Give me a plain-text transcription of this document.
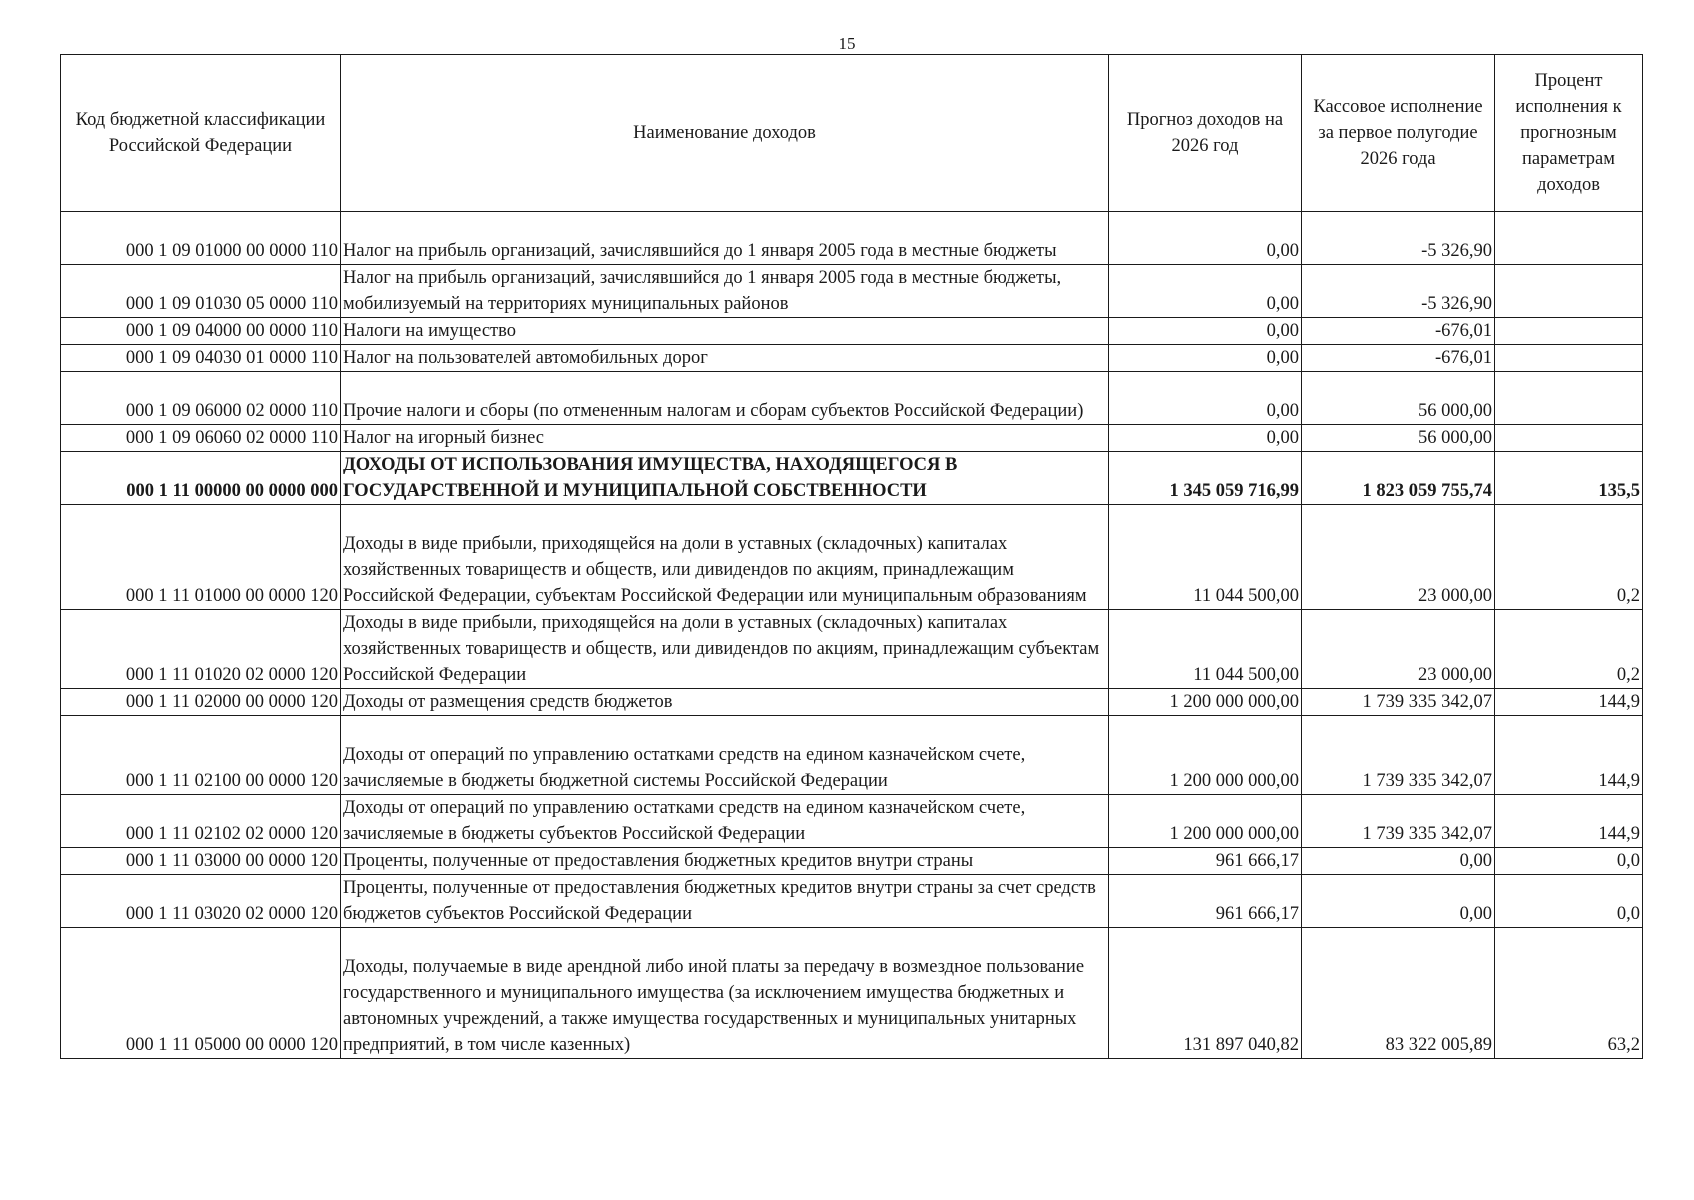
15
Код бюджетной классификации Российской Федерации	Наименование доходов	Прогноз доходов на 2026 год	Кассовое исполнение за первое полугодие 2026 года	Процент исполнения к прогнозным параметрам доходов
000 1 09 01000 00 0000 110	Налог на прибыль организаций, зачислявшийся до 1 января 2005 года в местные бюджеты	0,00	-5 326,90	
000 1 09 01030 05 0000 110	Налог на прибыль организаций, зачислявшийся до 1 января 2005 года в местные бюджеты, мобилизуемый на территориях муниципальных районов	0,00	-5 326,90	
000 1 09 04000 00 0000 110	Налоги на имущество	0,00	-676,01	
000 1 09 04030 01 0000 110	Налог на пользователей автомобильных дорог	0,00	-676,01	
000 1 09 06000 02 0000 110	Прочие налоги и сборы (по отмененным налогам и сборам субъектов Российской Федерации)	0,00	56 000,00	
000 1 09 06060 02 0000 110	Налог на игорный бизнес	0,00	56 000,00	
000 1 11 00000 00 0000 000	ДОХОДЫ ОТ ИСПОЛЬЗОВАНИЯ ИМУЩЕСТВА, НАХОДЯЩЕГОСЯ В ГОСУДАРСТВЕННОЙ И МУНИЦИПАЛЬНОЙ СОБСТВЕННОСТИ	1 345 059 716,99	1 823 059 755,74	135,5
000 1 11 01000 00 0000 120	Доходы в виде прибыли, приходящейся на доли в уставных (складочных) капиталах хозяйственных товариществ и обществ, или дивидендов по акциям, принадлежащим Российской Федерации, субъектам Российской Федерации или муниципальным образованиям	11 044 500,00	23 000,00	0,2
000 1 11 01020 02 0000 120	Доходы в виде прибыли, приходящейся на доли в уставных (складочных) капиталах хозяйственных товариществ и обществ, или дивидендов по акциям, принадлежащим субъектам Российской Федерации	11 044 500,00	23 000,00	0,2
000 1 11 02000 00 0000 120	Доходы от размещения средств бюджетов	1 200 000 000,00	1 739 335 342,07	144,9
000 1 11 02100 00 0000 120	Доходы от операций по управлению остатками средств на едином казначейском счете, зачисляемые в бюджеты бюджетной системы Российской Федерации	1 200 000 000,00	1 739 335 342,07	144,9
000 1 11 02102 02 0000 120	Доходы от операций по управлению остатками средств на едином казначейском счете, зачисляемые в бюджеты субъектов Российской Федерации	1 200 000 000,00	1 739 335 342,07	144,9
000 1 11 03000 00 0000 120	Проценты, полученные от предоставления бюджетных кредитов внутри страны	961 666,17	0,00	0,0
000 1 11 03020 02 0000 120	Проценты, полученные от предоставления бюджетных кредитов внутри страны за счет средств бюджетов субъектов Российской Федерации	961 666,17	0,00	0,0
000 1 11 05000 00 0000 120	Доходы, получаемые в виде арендной либо иной платы за передачу в возмездное пользование государственного и муниципального имущества (за исключением имущества бюджетных и автономных учреждений, а также имущества государственных и муниципальных унитарных предприятий, в том числе казенных)	131 897 040,82	83 322 005,89	63,2
